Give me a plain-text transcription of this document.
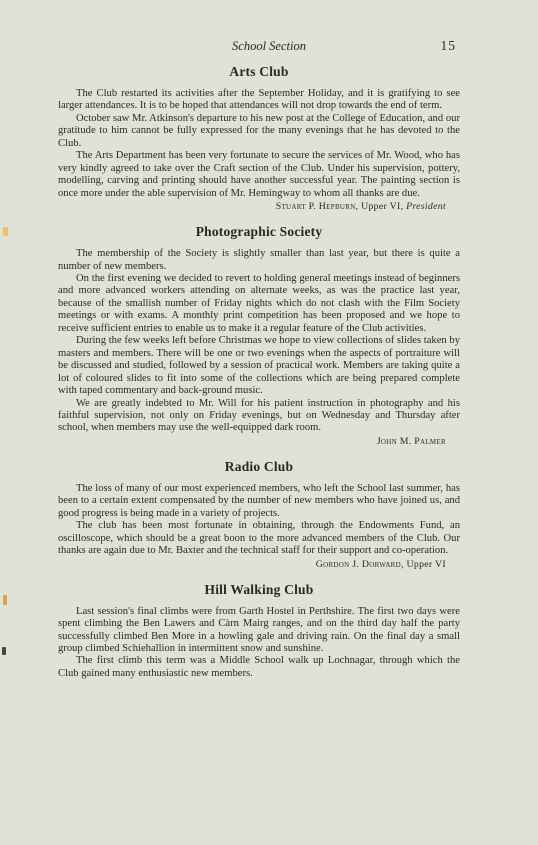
School Section	15
Arts Club

The Club restarted its activities after the September Holiday, and it is gratifying to see larger attendances. It is to be hoped that attendances will not drop towards the end of term.

October saw Mr. Atkinson's departure to his new post at the College of Education, and our gratitude to him cannot be fully expressed for the many evenings that he has devoted to the Club.

The Arts Department has been very fortunate to secure the services of Mr. Wood, who has very kindly agreed to take over the Craft section of the Club. Under his supervision, pottery, modelling, carving and printing should have another successful year. The painting section is once more under the able supervision of Mr. Hemingway to whom all thanks are due.

Stuart P. Hepburn, Upper VI, President
Photographic Society

The membership of the Society is slightly smaller than last year, but there is quite a number of new members.

On the first evening we decided to revert to holding general meetings instead of beginners and more advanced workers attending on alternate weeks, as was the practice last year, because of the smallish number of Friday nights which do not clash with the Film Society meetings or with exams. A monthly print competition has been proposed and we hope to receive sufficient entries to enable us to make it a regular feature of the Club activities.

During the few weeks left before Christmas we hope to view collections of slides taken by masters and members. There will be one or two evenings when the aspects of portraiture will be discussed and studied, followed by a session of practical work. Members are taking quite a lot of coloured slides to fit into some of the collections which are being prepared complete with taped commentary and back-ground music.

We are greatly indebted to Mr. Will for his patient instruction in photography and his faithful supervision, not only on Friday evenings, but on Wednesday and Thursday after school, when members may use the well-equipped dark room.

John M. Palmer
Radio Club

The loss of many of our most experienced members, who left the School last summer, has been to a certain extent compensated by the number of new members who have joined us, and good progress is being made in a variety of projects.

The club has been most fortunate in obtaining, through the Endowments Fund, an oscilloscope, which should be a great boon to the more advanced members of the Club. Our thanks are again due to Mr. Baxter and the technical staff for their support and co-operation.

Gordon J. Dorward, Upper VI
Hill Walking Club

Last session's final climbs were from Garth Hostel in Perthshire. The first two days were spent climbing the Ben Lawers and Càrn Mairg ranges, and on the third day half the party successfully climbed Ben More in a howling gale and driving rain. On the final day a small group climbed Schiehallion in intermittent snow and sunshine.

The first climb this term was a Middle School walk up Lochnagar, through which the Club gained many enthusiastic new members.
